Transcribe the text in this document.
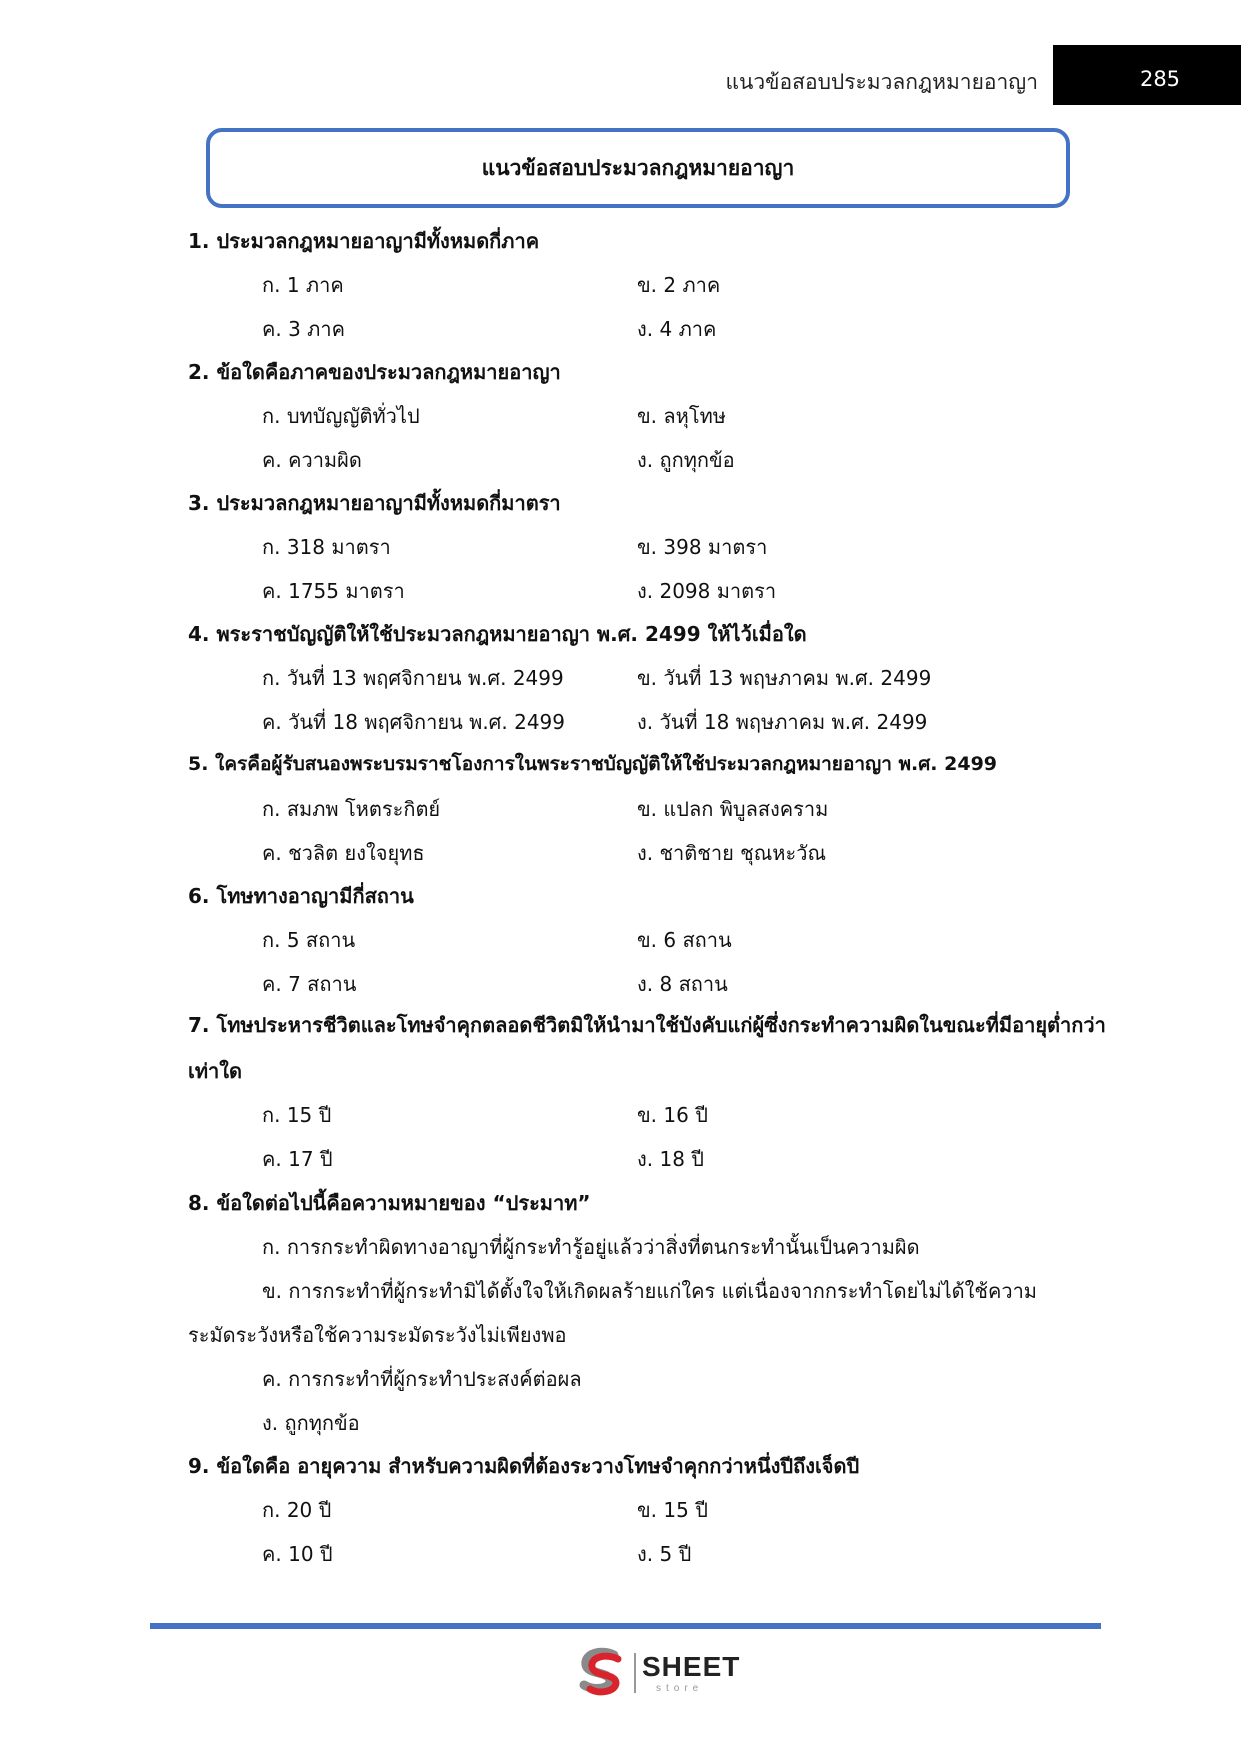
แนวข้อสอบประมวลกฎหมายอาญา	285
แนวข้อสอบประมวลกฎหมายอาญา
1. ประมวลกฎหมายอาญามีทั้งหมดกี่ภาค
ก. 1 ภาค	ข. 2 ภาค
ค. 3 ภาค	ง. 4 ภาค
2. ข้อใดคือภาคของประมวลกฎหมายอาญา
ก. บทบัญญัติทั่วไป	ข. ลหุโทษ
ค. ความผิด	ง. ถูกทุกข้อ
3. ประมวลกฎหมายอาญามีทั้งหมดกี่มาตรา
ก. 318 มาตรา	ข. 398 มาตรา
ค. 1755 มาตรา	ง. 2098 มาตรา
4. พระราชบัญญัติให้ใช้ประมวลกฎหมายอาญา พ.ศ. 2499 ให้ไว้เมื่อใด
ก. วันที่ 13 พฤศจิกายน พ.ศ. 2499	ข. วันที่ 13 พฤษภาคม พ.ศ. 2499
ค. วันที่ 18 พฤศจิกายน พ.ศ. 2499	ง. วันที่ 18 พฤษภาคม พ.ศ. 2499
5. ใครคือผู้รับสนองพระบรมราชโองการในพระราชบัญญัติให้ใช้ประมวลกฎหมายอาญา พ.ศ. 2499
ก. สมภพ โหตระกิตย์	ข. แปลก พิบูลสงคราม
ค. ชวลิต ยงใจยุทธ	ง. ชาติชาย ชุณหะวัณ
6. โทษทางอาญามีกี่สถาน
ก. 5 สถาน	ข. 6 สถาน
ค. 7 สถาน	ง. 8 สถาน
7. โทษประหารชีวิตและโทษจำคุกตลอดชีวิตมิให้นำมาใช้บังคับแก่ผู้ซึ่งกระทำความผิดในขณะที่มีอายุต่ำกว่าเท่าใด
ก. 15 ปี	ข. 16 ปี
ค. 17 ปี	ง. 18 ปี
8. ข้อใดต่อไปนี้คือความหมายของ “ประมาท”
ก. การกระทำผิดทางอาญาที่ผู้กระทำรู้อยู่แล้วว่าสิ่งที่ตนกระทำนั้นเป็นความผิด
ข. การกระทำที่ผู้กระทำมิได้ตั้งใจให้เกิดผลร้ายแก่ใคร แต่เนื่องจากกระทำโดยไม่ได้ใช้ความ
ระมัดระวังหรือใช้ความระมัดระวังไม่เพียงพอ
ค. การกระทำที่ผู้กระทำประสงค์ต่อผล
ง. ถูกทุกข้อ
9. ข้อใดคือ อายุความ สำหรับความผิดที่ต้องระวางโทษจำคุกกว่าหนึ่งปีถึงเจ็ดปี
ก. 20 ปี	ข. 15 ปี
ค. 10 ปี	ง. 5 ปี
SHEET
store
